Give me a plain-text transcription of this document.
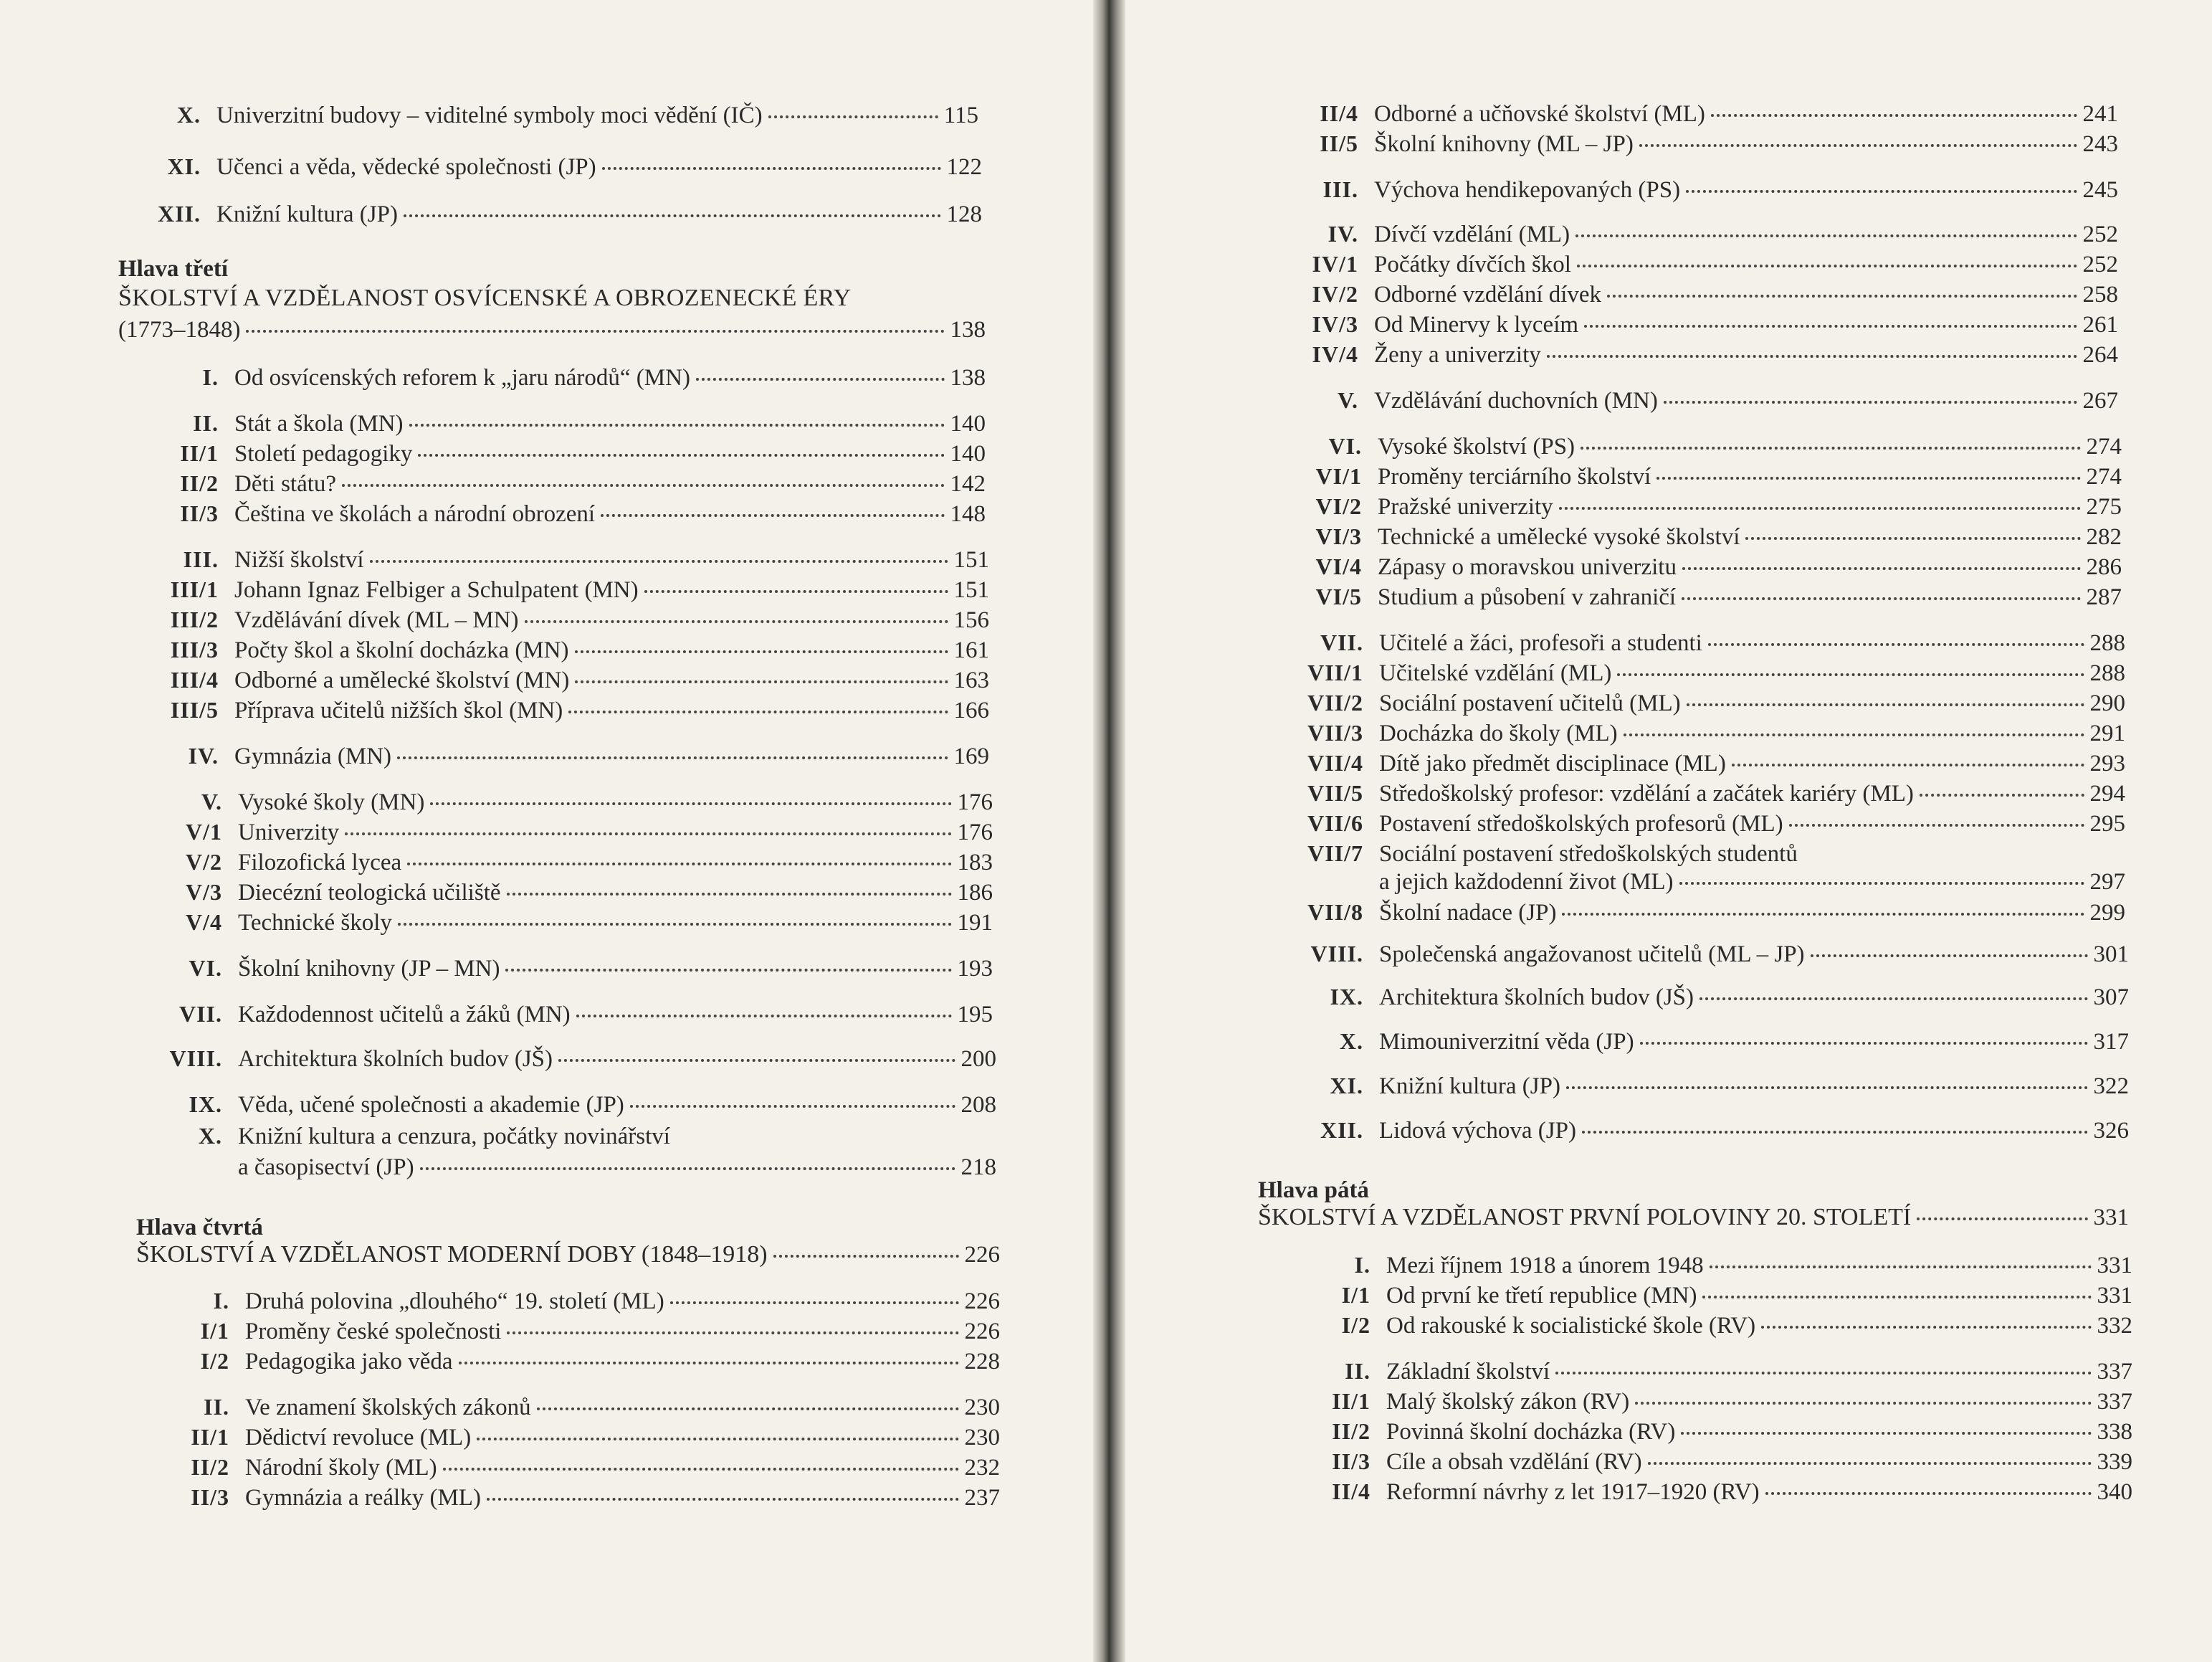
X. Univerzitní budovy – viditelné symboly moci vědění (IČ)	115
XI. Učenci a věda, vědecké společnosti (JP)	122
XII. Knižní kultura (JP)	128
Hlava třetí
ŠKOLSTVÍ A VZDĚLANOST OSVÍCENSKÉ A OBROZENECKÉ ÉRY
(1773–1848)	138
I. Od osvícenských reforem k „jaru národů“ (MN)	138
II. Stát a škola (MN)	140
II/1 Století pedagogiky	140
II/2 Děti státu?	142
II/3 Čeština ve školách a národní obrození	148
III. Nižší školství	151
III/1 Johann Ignaz Felbiger a Schulpatent (MN)	151
III/2 Vzdělávání dívek (ML – MN)	156
III/3 Počty škol a školní docházka (MN)	161
III/4 Odborné a umělecké školství (MN)	163
III/5 Příprava učitelů nižších škol (MN)	166
IV. Gymnázia (MN)	169
V. Vysoké školy (MN)	176
V/1 Univerzity	176
V/2 Filozofická lycea	183
V/3 Diecézní teologická učiliště	186
V/4 Technické školy	191
VI. Školní knihovny (JP – MN)	193
VII. Každodennost učitelů a žáků (MN)	195
VIII. Architektura školních budov (JŠ)	200
IX. Věda, učené společnosti a akademie (JP)	208
X. Knižní kultura a cenzura, počátky novinářství
a časopisectví (JP)	218
Hlava čtvrtá
ŠKOLSTVÍ A VZDĚLANOST MODERNÍ DOBY (1848–1918)	226
I. Druhá polovina „dlouhého“ 19. století (ML)	226
I/1 Proměny české společnosti	226
I/2 Pedagogika jako věda	228
II. Ve znamení školských zákonů	230
II/1 Dědictví revoluce (ML)	230
II/2 Národní školy (ML)	232
II/3 Gymnázia a reálky (ML)	237
II/4 Odborné a učňovské školství (ML)	241
II/5 Školní knihovny (ML – JP)	243
III. Výchova hendikepovaných (PS)	245
IV. Dívčí vzdělání (ML)	252
IV/1 Počátky dívčích škol	252
IV/2 Odborné vzdělání dívek	258
IV/3 Od Minervy k lyceím	261
IV/4 Ženy a univerzity	264
V. Vzdělávání duchovních (MN)	267
VI. Vysoké školství (PS)	274
VI/1 Proměny terciárního školství	274
VI/2 Pražské univerzity	275
VI/3 Technické a umělecké vysoké školství	282
VI/4 Zápasy o moravskou univerzitu	286
VI/5 Studium a působení v zahraničí	287
VII. Učitelé a žáci, profesoři a studenti	288
VII/1 Učitelské vzdělání (ML)	288
VII/2 Sociální postavení učitelů (ML)	290
VII/3 Docházka do školy (ML)	291
VII/4 Dítě jako předmět disciplinace (ML)	293
VII/5 Středoškolský profesor: vzdělání a začátek kariéry (ML)	294
VII/6 Postavení středoškolských profesorů (ML)	295
VII/7 Sociální postavení středoškolských studentů
a jejich každodenní život (ML)	297
VII/8 Školní nadace (JP)	299
VIII. Společenská angažovanost učitelů (ML – JP)	301
IX. Architektura školních budov (JŠ)	307
X. Mimouniverzitní věda (JP)	317
XI. Knižní kultura (JP)	322
XII. Lidová výchova (JP)	326
Hlava pátá
ŠKOLSTVÍ A VZDĚLANOST PRVNÍ POLOVINY 20. STOLETÍ	331
I. Mezi říjnem 1918 a únorem 1948	331
I/1 Od první ke třetí republice (MN)	331
I/2 Od rakouské k socialistické škole (RV)	332
II. Základní školství	337
II/1 Malý školský zákon (RV)	337
II/2 Povinná školní docházka (RV)	338
II/3 Cíle a obsah vzdělání (RV)	339
II/4 Reformní návrhy z let 1917–1920 (RV)	340
